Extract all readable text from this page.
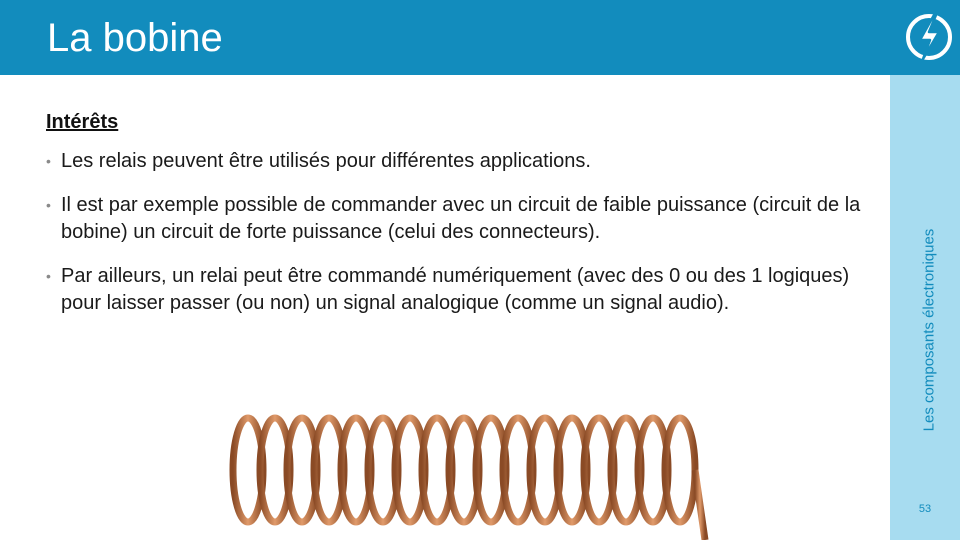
La bobine
Les composants électroniques
53
Intérêts
• Les relais peuvent être utilisés pour différentes applications.
• Il est par exemple possible de commander avec un circuit de faible puissance (circuit de la bobine) un circuit de forte puissance (celui des connecteurs).
• Par ailleurs, un relai peut être commandé numériquement (avec des 0 ou des 1 logiques) pour laisser passer (ou non) un signal analogique (comme un signal audio).
